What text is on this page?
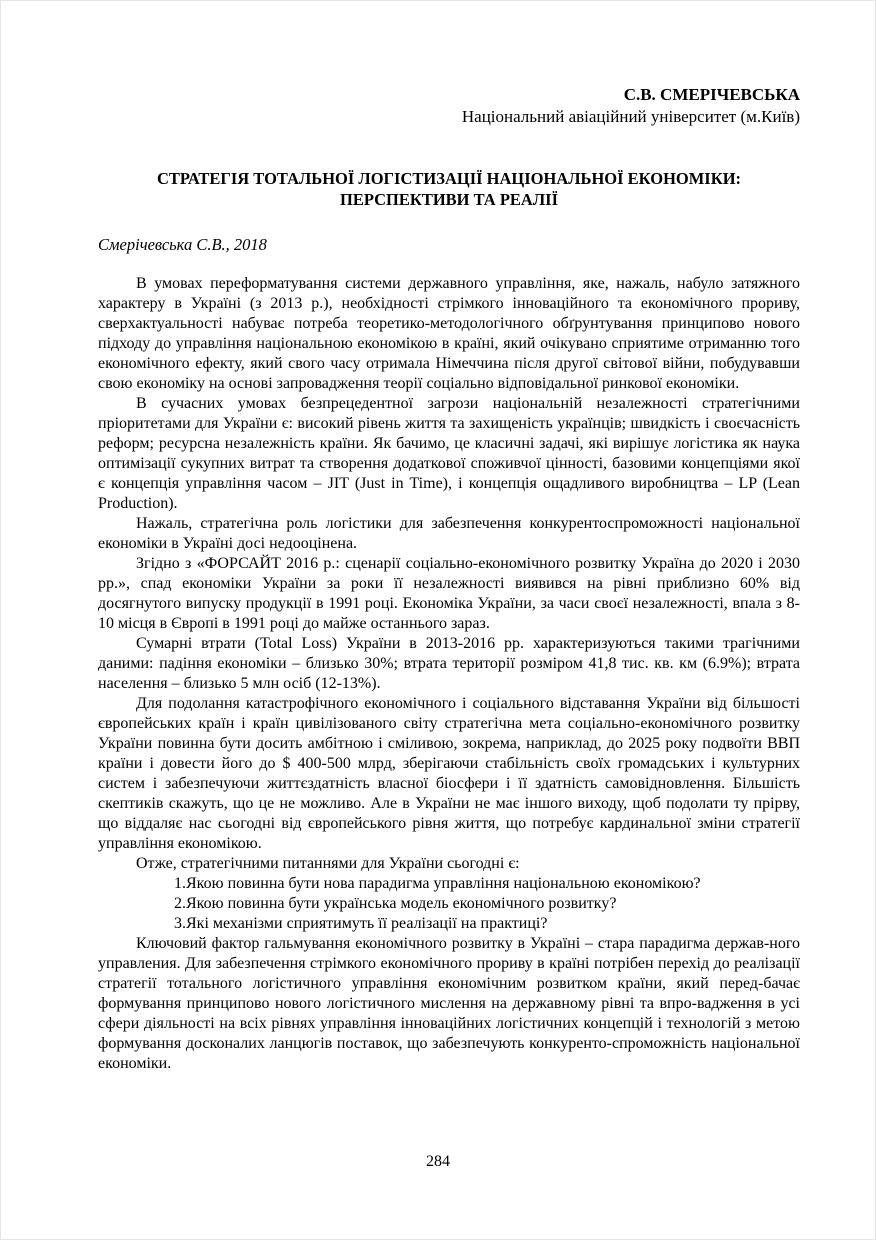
С.В. СМЕРІЧЕВСЬКА
Національний авіаційний університет (м.Київ)
СТРАТЕГІЯ ТОТАЛЬНОЇ ЛОГІСТИЗАЦІЇ НАЦІОНАЛЬНОЇ ЕКОНОМІКИ:
ПЕРСПЕКТИВИ ТА РЕАЛІЇ
Смерічевська С.В., 2018

В умовах переформатування системи державного управління, яке, нажаль, набуло затяжного характеру в Україні (з 2013 р.), необхідності стрімкого інноваційного та економічного прориву, сверхактуальності набуває потреба теоретико-методологічного обґрунтування принципово нового підходу до управління національною економікою в країні, який очікувано сприятиме отриманню того економічного ефекту, який свого часу отримала Німеччина після другої світової війни, побудувавши свою економіку на основі запровадження теорії соціально відповідальної ринкової економіки.

В сучасних умовах безпрецедентної загрози національній незалежності стратегічними пріоритетами для України є: високий рівень життя та захищеність українців; швидкість і своєчасність реформ; ресурсна незалежність країни. Як бачимо, це класичні задачі, які вирішує логістика як наука оптимізації сукупних витрат та створення додаткової споживчої цінності, базовими концепціями якої є концепція управління часом – JIT (Just in Time), і концепція ощадливого виробництва – LP (Lean Production).

Нажаль, стратегічна роль логістики для забезпечення конкурентоспроможності національної економіки в Україні досі недооцінена.

Згідно з «ФОРСАЙТ 2016 р.: сценарії соціально-економічного розвитку Україна до 2020 і 2030 рр.», спад економіки України за роки її незалежності виявився на рівні приблизно 60% від досягнутого випуску продукції в 1991 році. Економіка України, за часи своєї незалежності, впала з 8-10 місця в Європі в 1991 році до майже останнього зараз.

Сумарні втрати (Total Loss) України в 2013-2016 рр. характеризуються такими трагічними даними: падіння економіки – близько 30%; втрата території розміром 41,8 тис. кв. км (6.9%); втрата населення – близько 5 млн осіб (12-13%).

Для подолання катастрофічного економічного і соціального відставання України від більшості європейських країн і країн цивілізованого світу стратегічна мета соціально-економічного розвитку України повинна бути досить амбітною і сміливою, зокрема, наприклад, до 2025 року подвоїти ВВП країни і довести його до $ 400-500 млрд, зберігаючи стабільність своїх громадських і культурних систем і забезпечуючи життєздатність власної біосфери і її здатність самовідновлення. Більшість скептиків скажуть, що це не можливо. Але в України не має іншого виходу, щоб подолати ту прірву, що віддаляє нас сьогодні від європейського рівня життя, що потребує кардинальної зміни стратегії управління економікою.

Отже, стратегічними питаннями для України сьогодні є:

1.Якою повинна бути нова парадигма управління національною економікою?
2.Якою повинна бути українська модель економічного розвитку?
3.Які механізми сприятимуть її реалізації на практиці?

Ключовий фактор гальмування економічного розвитку в Україні – стара парадигма держав-ного управления. Для забезпечення стрімкого економічного прориву в країні потрібен перехід до реалізації стратегії тотального логістичного управління економічним розвитком країни, який перед-бачає формування принципово нового логістичного мислення на державному рівні та впро-вадження в усі сфери діяльності на всіх рівнях управління інноваційних логістичних концепцій і технологій з метою формування досконалих ланцюгів поставок, що забезпечують конкуренто-спроможність національної економіки.

284
